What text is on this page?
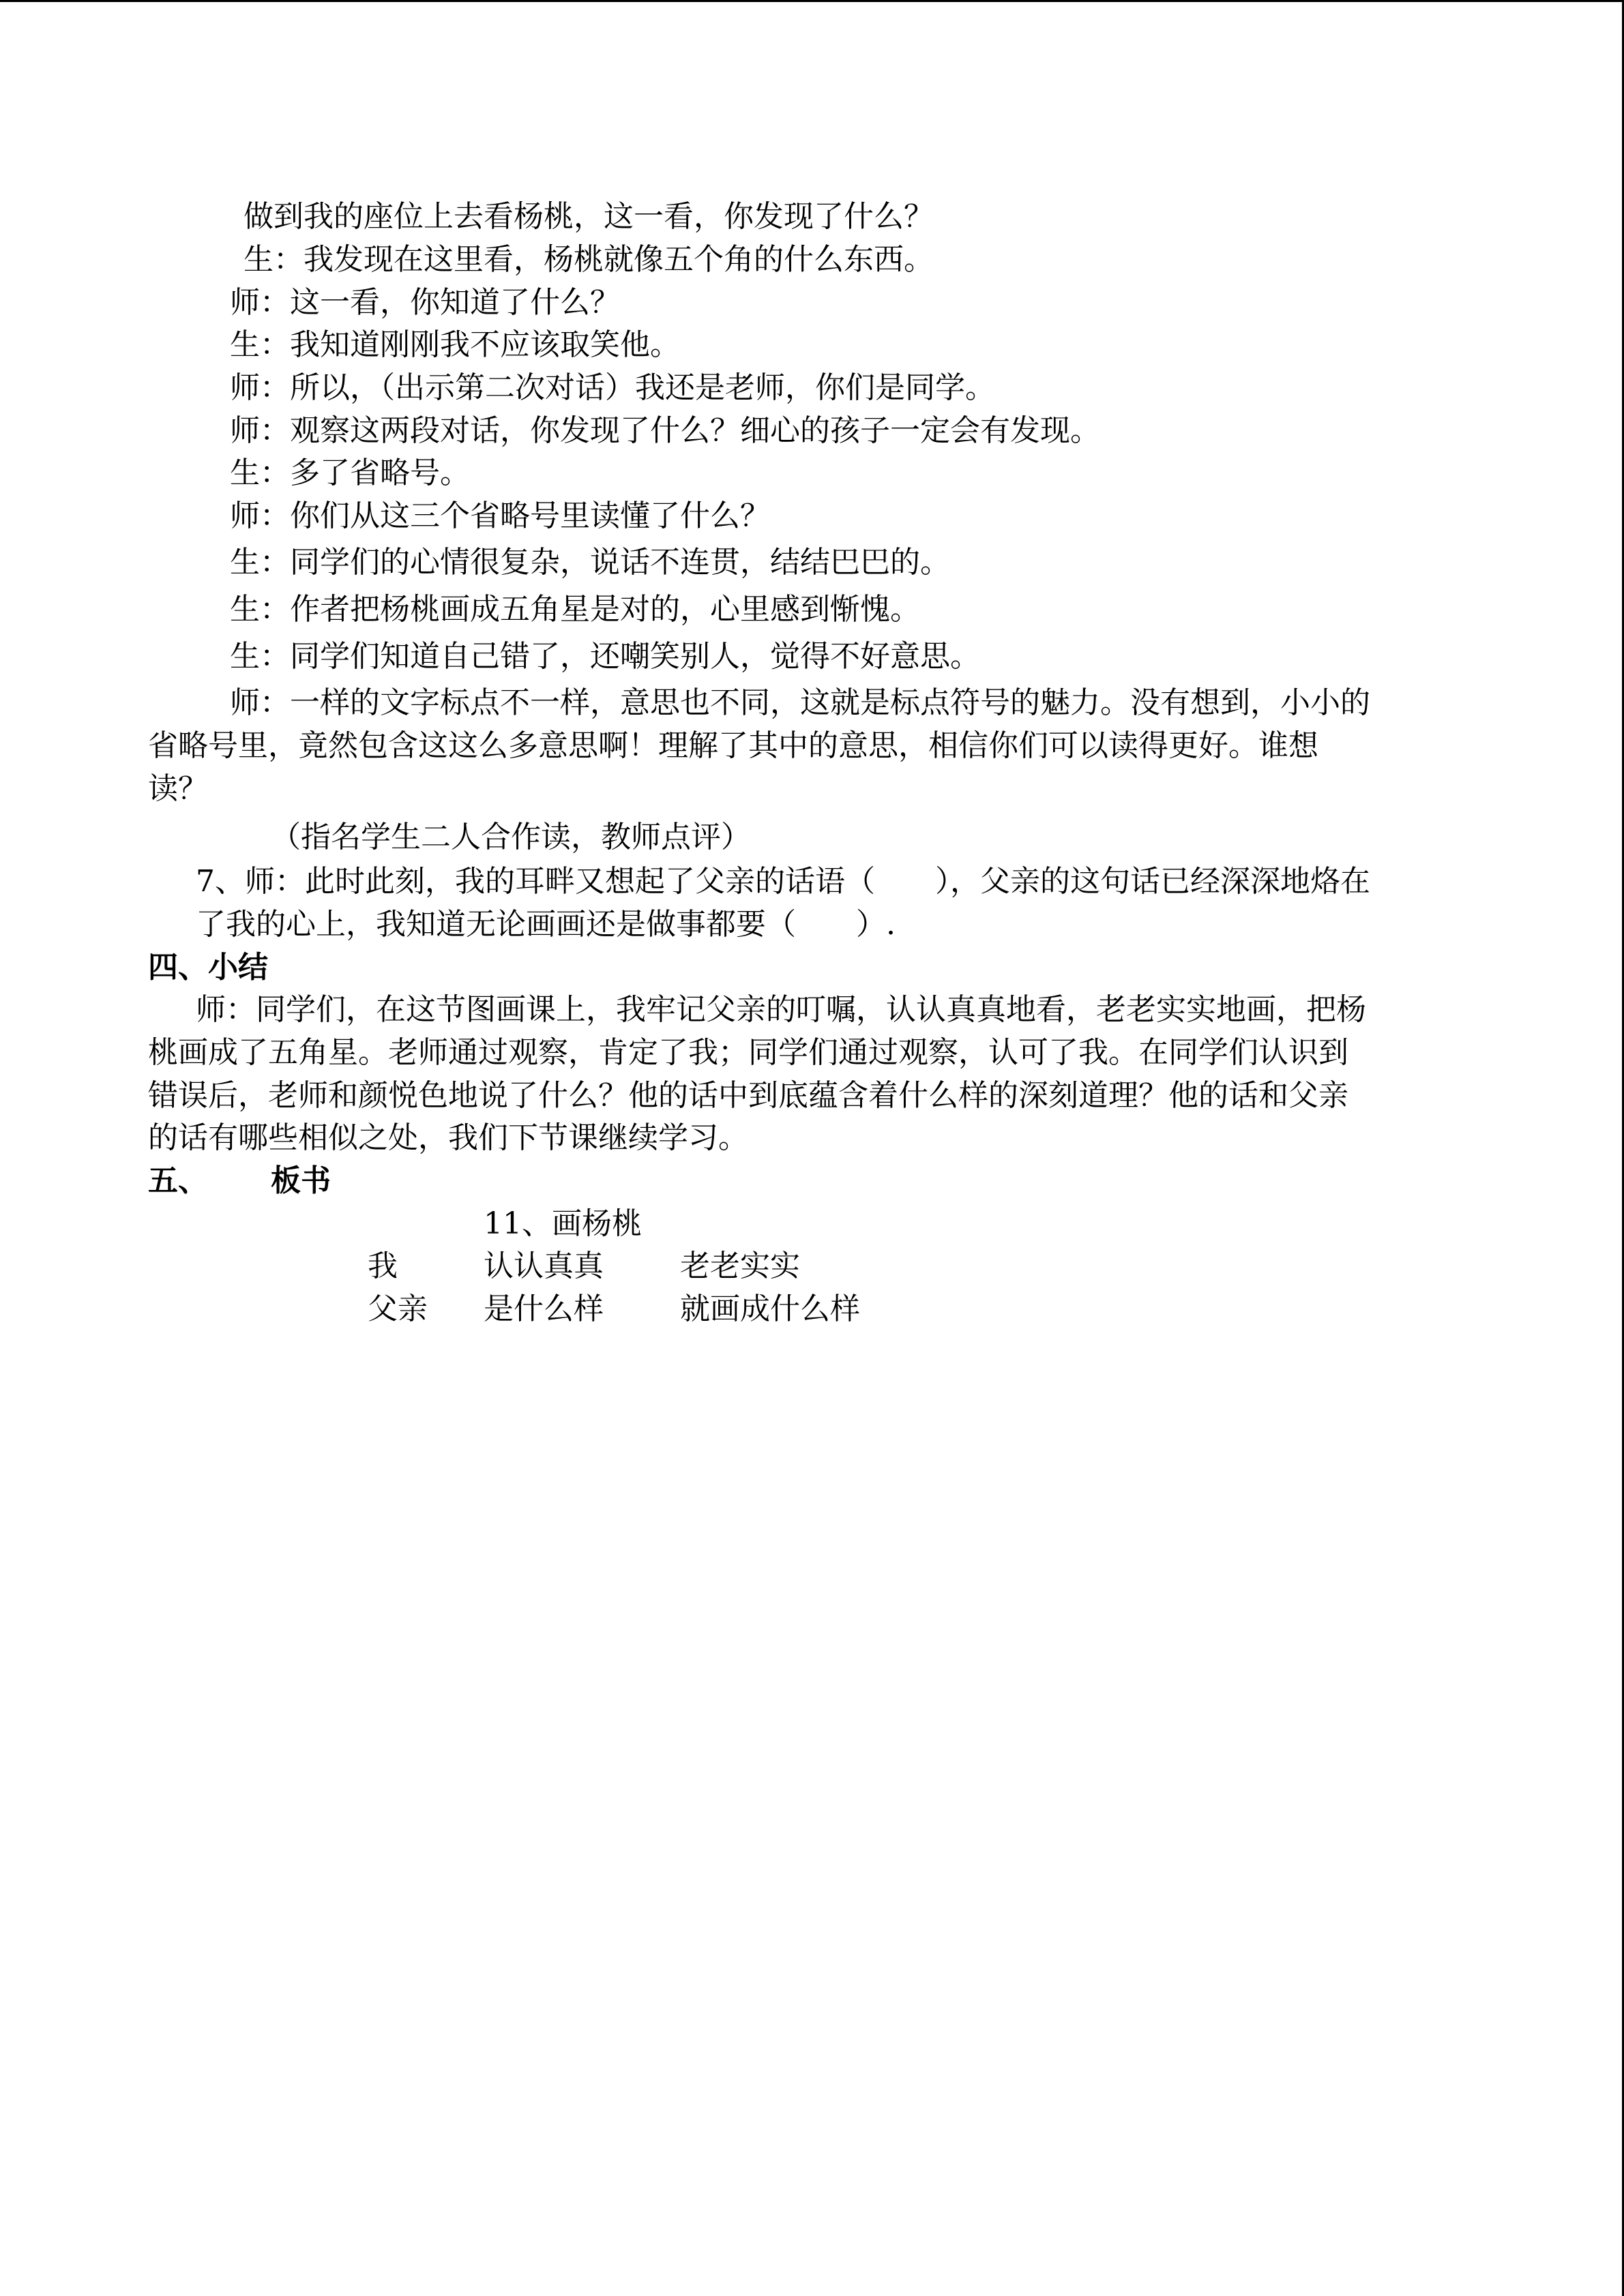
做到我的座位上去看杨桃，这一看，你发现了什么？
生：我发现在这里看，杨桃就像五个角的什么东西。
师：这一看，你知道了什么？
生：我知道刚刚我不应该取笑他。
师：所以，（出示第二次对话）我还是老师，你们是同学。
师：观察这两段对话，你发现了什么？细心的孩子一定会有发现。
生：多了省略号。
师：你们从这三个省略号里读懂了什么？
生：同学们的心情很复杂，说话不连贯，结结巴巴的。
生：作者把杨桃画成五角星是对的，心里感到惭愧。
生：同学们知道自己错了，还嘲笑别人，觉得不好意思。
师：一样的文字标点不一样，意思也不同，这就是标点符号的魅力。没有想到，小小的
省略号里，竟然包含这这么多意思啊！理解了其中的意思，相信你们可以读得更好。谁想
读？
（指名学生二人合作读，教师点评）
7、师：此时此刻，我的耳畔又想起了父亲的话语（　　），父亲的这句话已经深深地烙在
了我的心上，我知道无论画画还是做事都要（　　）.
四、小结
师：同学们，在这节图画课上，我牢记父亲的叮嘱，认认真真地看，老老实实地画，把杨
桃画成了五角星。老师通过观察，肯定了我；同学们通过观察，认可了我。在同学们认识到
错误后，老师和颜悦色地说了什么？他的话中到底蕴含着什么样的深刻道理？他的话和父亲
的话有哪些相似之处，我们下节课继续学习。
五、 板书
11、画杨桃
我	认认真真	老老实实
父亲 是什么样	就画成什么样
